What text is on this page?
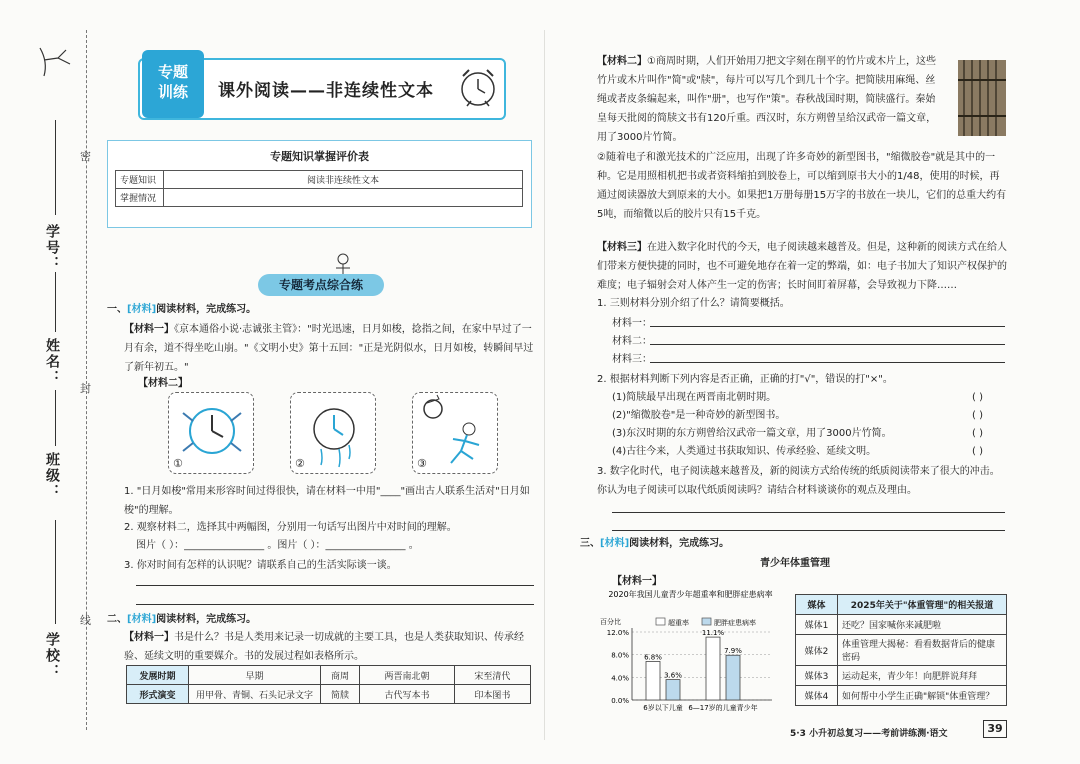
密
封
线
学号：
姓名：
班级：
学校：
专题
训练	课外阅读——非连续性文本
专题知识掌握评价表
专题知识	阅读非连续性文本
掌握情况	
专题考点综合练
一、[材料]阅读材料，完成练习。
【材料一】《京本通俗小说·志诚张主管》："时光迅速，日月如梭，捻指之间，在家中早过了一月有余，道不得坐吃山崩。"《文明小史》第十五回："正是光阴似水，日月如梭，转瞬间早过了新年初五。"
【材料二】
①	②	③
1. "日月如梭"常用来形容时间过得很快，请在材料一中用"____"画出古人联系生活对"日月如梭"的理解。
2. 观察材料二，选择其中两幅图，分别用一句话写出图片中对时间的理解。
图片（ ）：________________ 。图片（ ）：________________ 。
3. 你对时间有怎样的认识呢？请联系自己的生活实际谈一谈。
二、[材料]阅读材料，完成练习。
【材料一】书是什么？书是人类用来记录一切成就的主要工具，也是人类获取知识、传承经验、延续文明的重要媒介。书的发展过程如表格所示。
发展时期	早期	商周	两晋南北朝	宋至清代
形式演变	用甲骨、青铜、石头记录文字	简牍	古代写本书	印本图书
【材料二】①商周时期，人们开始用刀把文字刻在削平的竹片或木片上，这些竹片或木片叫作"简"或"牍"，每片可以写几个到几十个字。把简牍用麻绳、丝绳或者皮条编起来，叫作"册"，也写作"策"。春秋战国时期，简牍盛行。秦始皇每天批阅的简牍文书有120斤重。西汉时，东方朔曾呈给汉武帝一篇文章，用了3000片竹简。
②随着电子和激光技术的广泛应用，出现了许多奇妙的新型图书，"缩微胶卷"就是其中的一种。它是用照相机把书或者资料缩拍到胶卷上，可以缩到原书大小的1/48，使用的时候，再通过阅读器放大到原来的大小。如果把1万册每册15万字的书放在一块儿，它们的总重大约有5吨，而缩微以后的胶片只有15千克。
【材料三】在进入数字化时代的今天，电子阅读越来越普及。但是，这种新的阅读方式在给人们带来方便快捷的同时，也不可避免地存在着一定的弊端，如：电子书加大了知识产权保护的难度；电子辐射会对人体产生一定的伤害；长时间盯着屏幕，会导致视力下降……
1. 三则材料分别介绍了什么？请简要概括。
材料一：
材料二：
材料三：
2. 根据材料判断下列内容是否正确，正确的打"√"，错误的打"×"。
(1)简牍最早出现在两晋南北朝时期。	( )
(2)"缩微胶卷"是一种奇妙的新型图书。	( )
(3)东汉时期的东方朔曾给汉武帝一篇文章，用了3000片竹简。	( )
(4)古往今来，人类通过书获取知识、传承经验、延续文明。	( )
3. 数字化时代，电子阅读越来越普及，新的阅读方式给传统的纸质阅读带来了很大的冲击。你认为电子阅读可以取代纸质阅读吗？请结合材料谈谈你的观点及理由。
三、[材料]阅读材料，完成练习。
青少年体重管理
【材料一】
2020年我国儿童青少年超重率和肥胖症患病率
百分比	超重率	肥胖症患病率
0.0%
4.0%
8.0%
12.0%
6.8%
3.6%
6岁以下儿童
11.1%
7.9%
6—17岁的儿童青少年
媒体	2025年关于"体重管理"的相关报道
媒体1	还吃？国家喊你来减肥啦
媒体2	体重管理大揭秘：看看数据背后的健康密码
媒体3	运动起来，青少年！向肥胖说拜拜
媒体4	如何帮中小学生正确"解锁"体重管理？
5·3 小升初总复习——考前讲练测·语文	39
